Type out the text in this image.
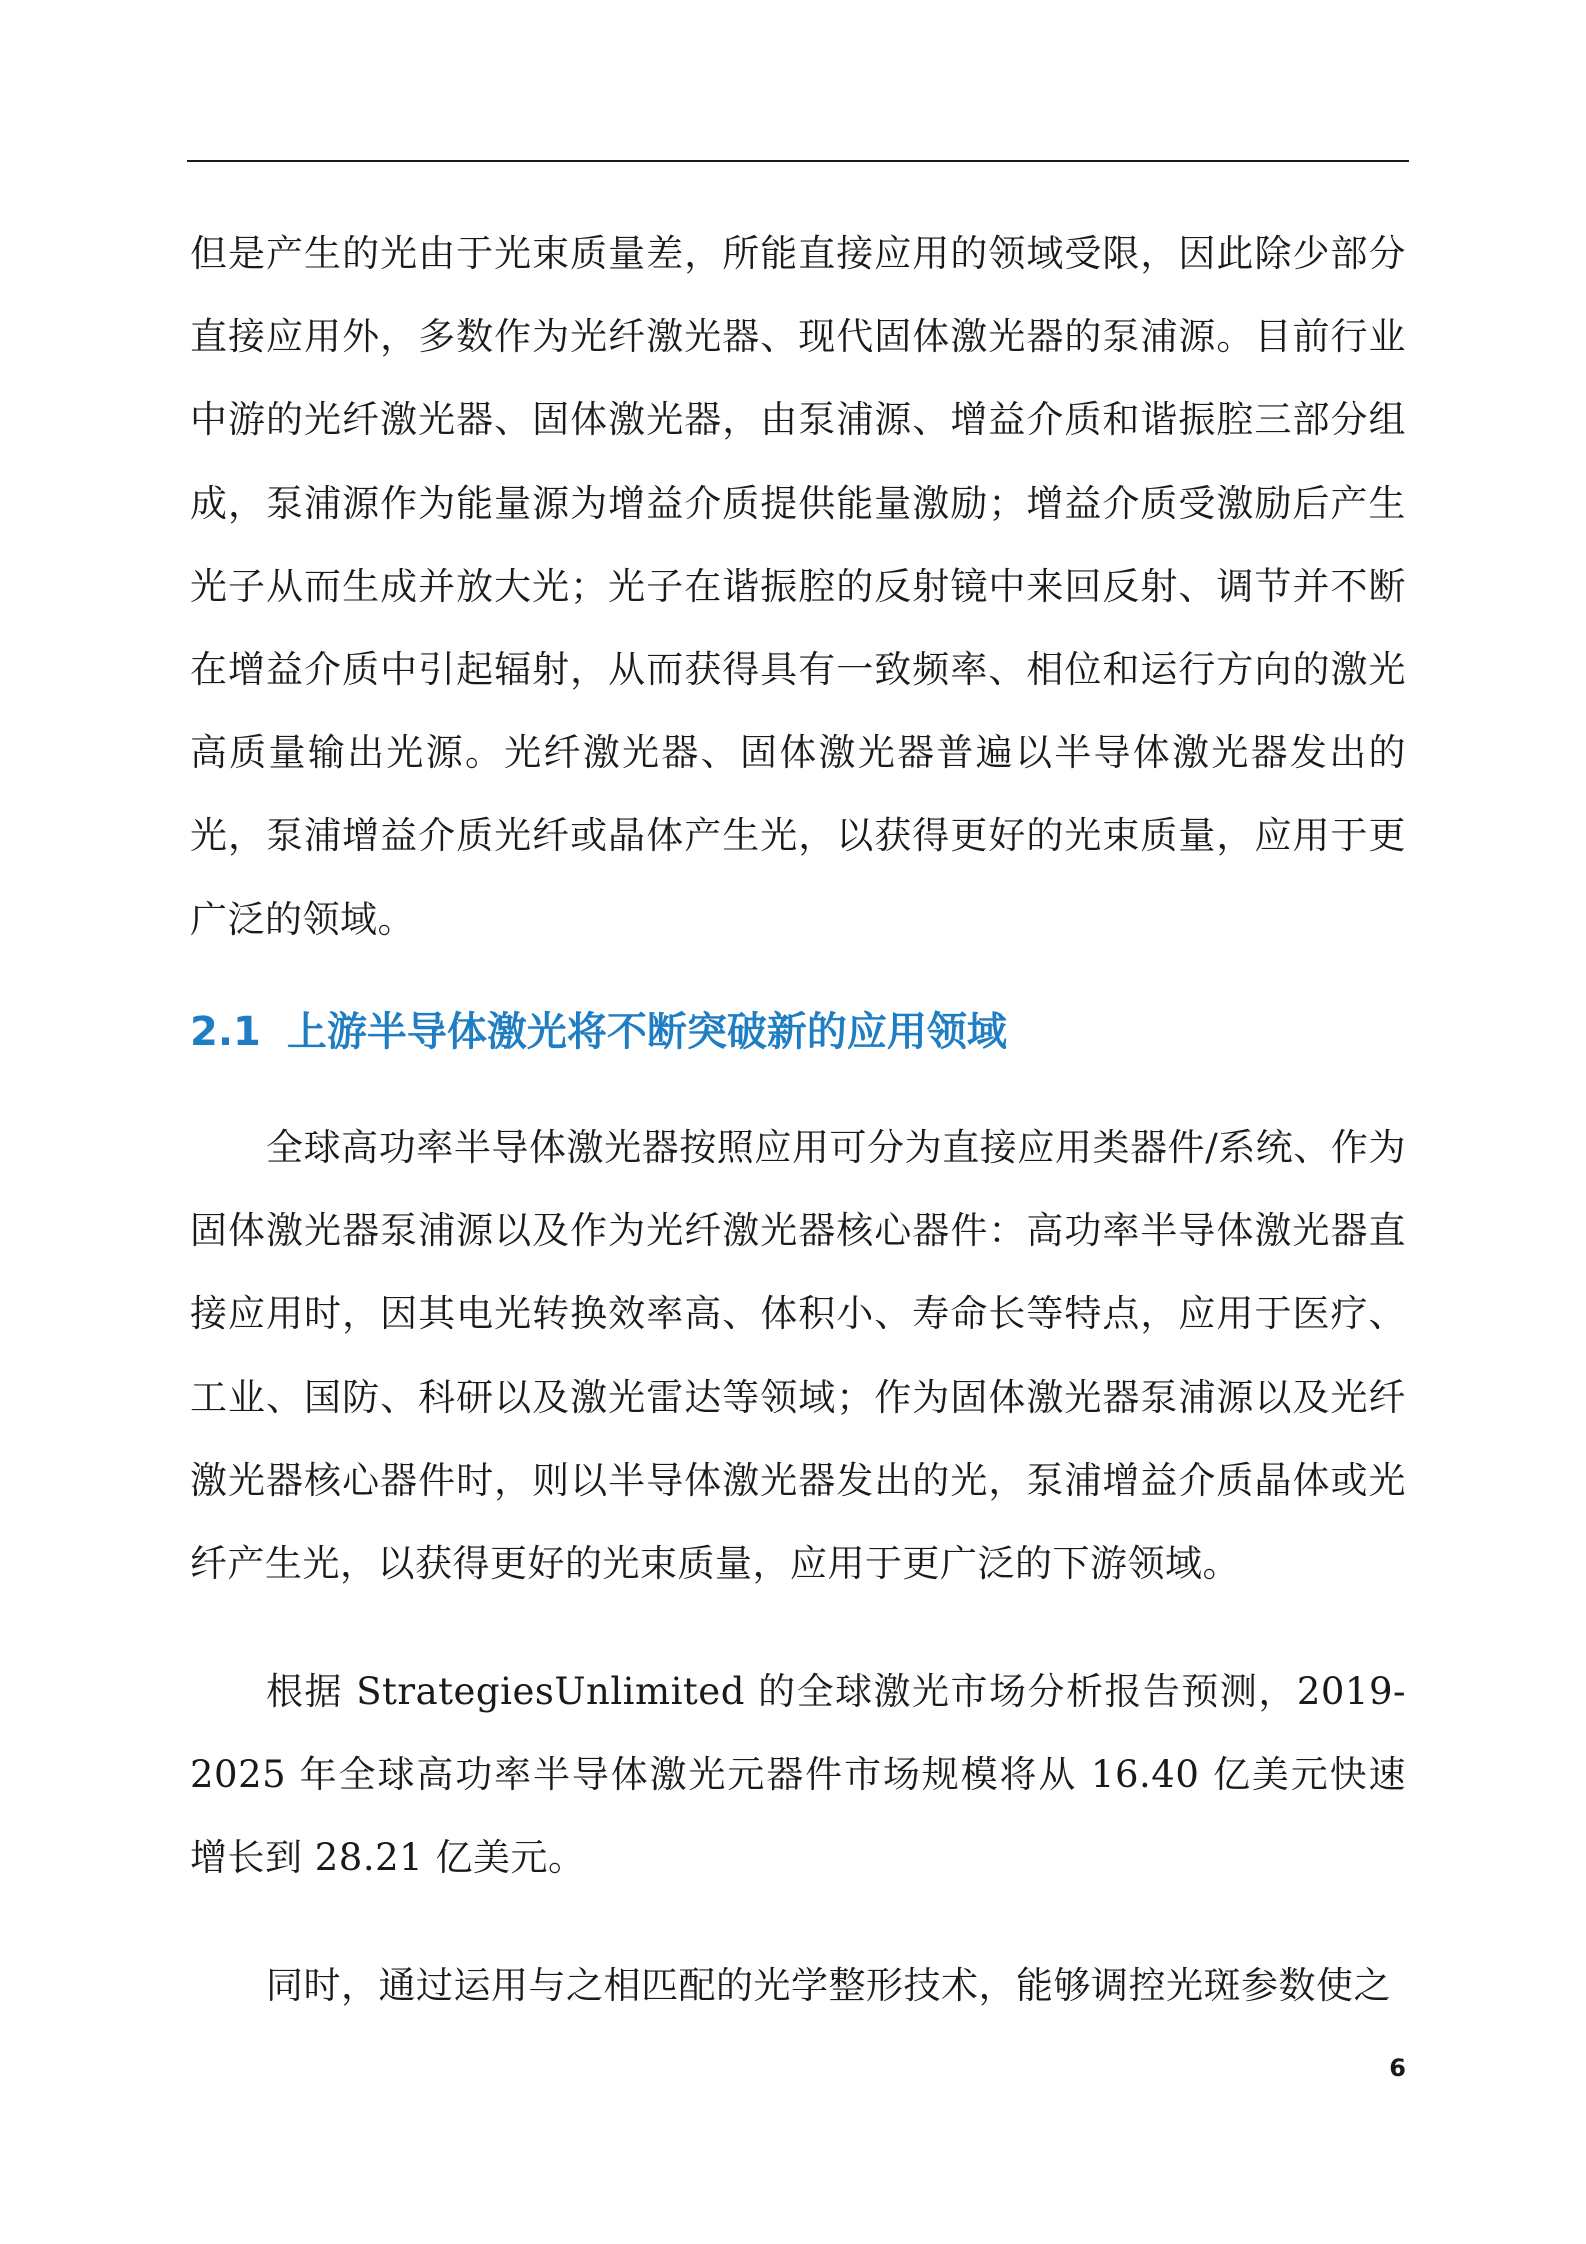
但是产生的光由于光束质量差，所能直接应用的领域受限，因此除少部分直接应用外，多数作为光纤激光器、现代固体激光器的泵浦源。目前行业中游的光纤激光器、固体激光器，由泵浦源、增益介质和谐振腔三部分组成，泵浦源作为能量源为增益介质提供能量激励；增益介质受激励后产生光子从而生成并放大光；光子在谐振腔的反射镜中来回反射、调节并不断在增益介质中引起辐射，从而获得具有一致频率、相位和运行方向的激光高质量输出光源。光纤激光器、固体激光器普遍以半导体激光器发出的光，泵浦增益介质光纤或晶体产生光，以获得更好的光束质量，应用于更广泛的领域。

2.1 上游半导体激光将不断突破新的应用领域

全球高功率半导体激光器按照应用可分为直接应用类器件/系统、作为固体激光器泵浦源以及作为光纤激光器核心器件：高功率半导体激光器直接应用时，因其电光转换效率高、体积小、寿命长等特点，应用于医疗、工业、国防、科研以及激光雷达等领域；作为固体激光器泵浦源以及光纤激光器核心器件时，则以半导体激光器发出的光，泵浦增益介质晶体或光纤产生光，以获得更好的光束质量，应用于更广泛的下游领域。

根据 StrategiesUnlimited 的全球激光市场分析报告预测，2019-2025 年全球高功率半导体激光元器件市场规模将从 16.40 亿美元快速增长到 28.21 亿美元。

同时，通过运用与之相匹配的光学整形技术，能够调控光斑参数使之

6
